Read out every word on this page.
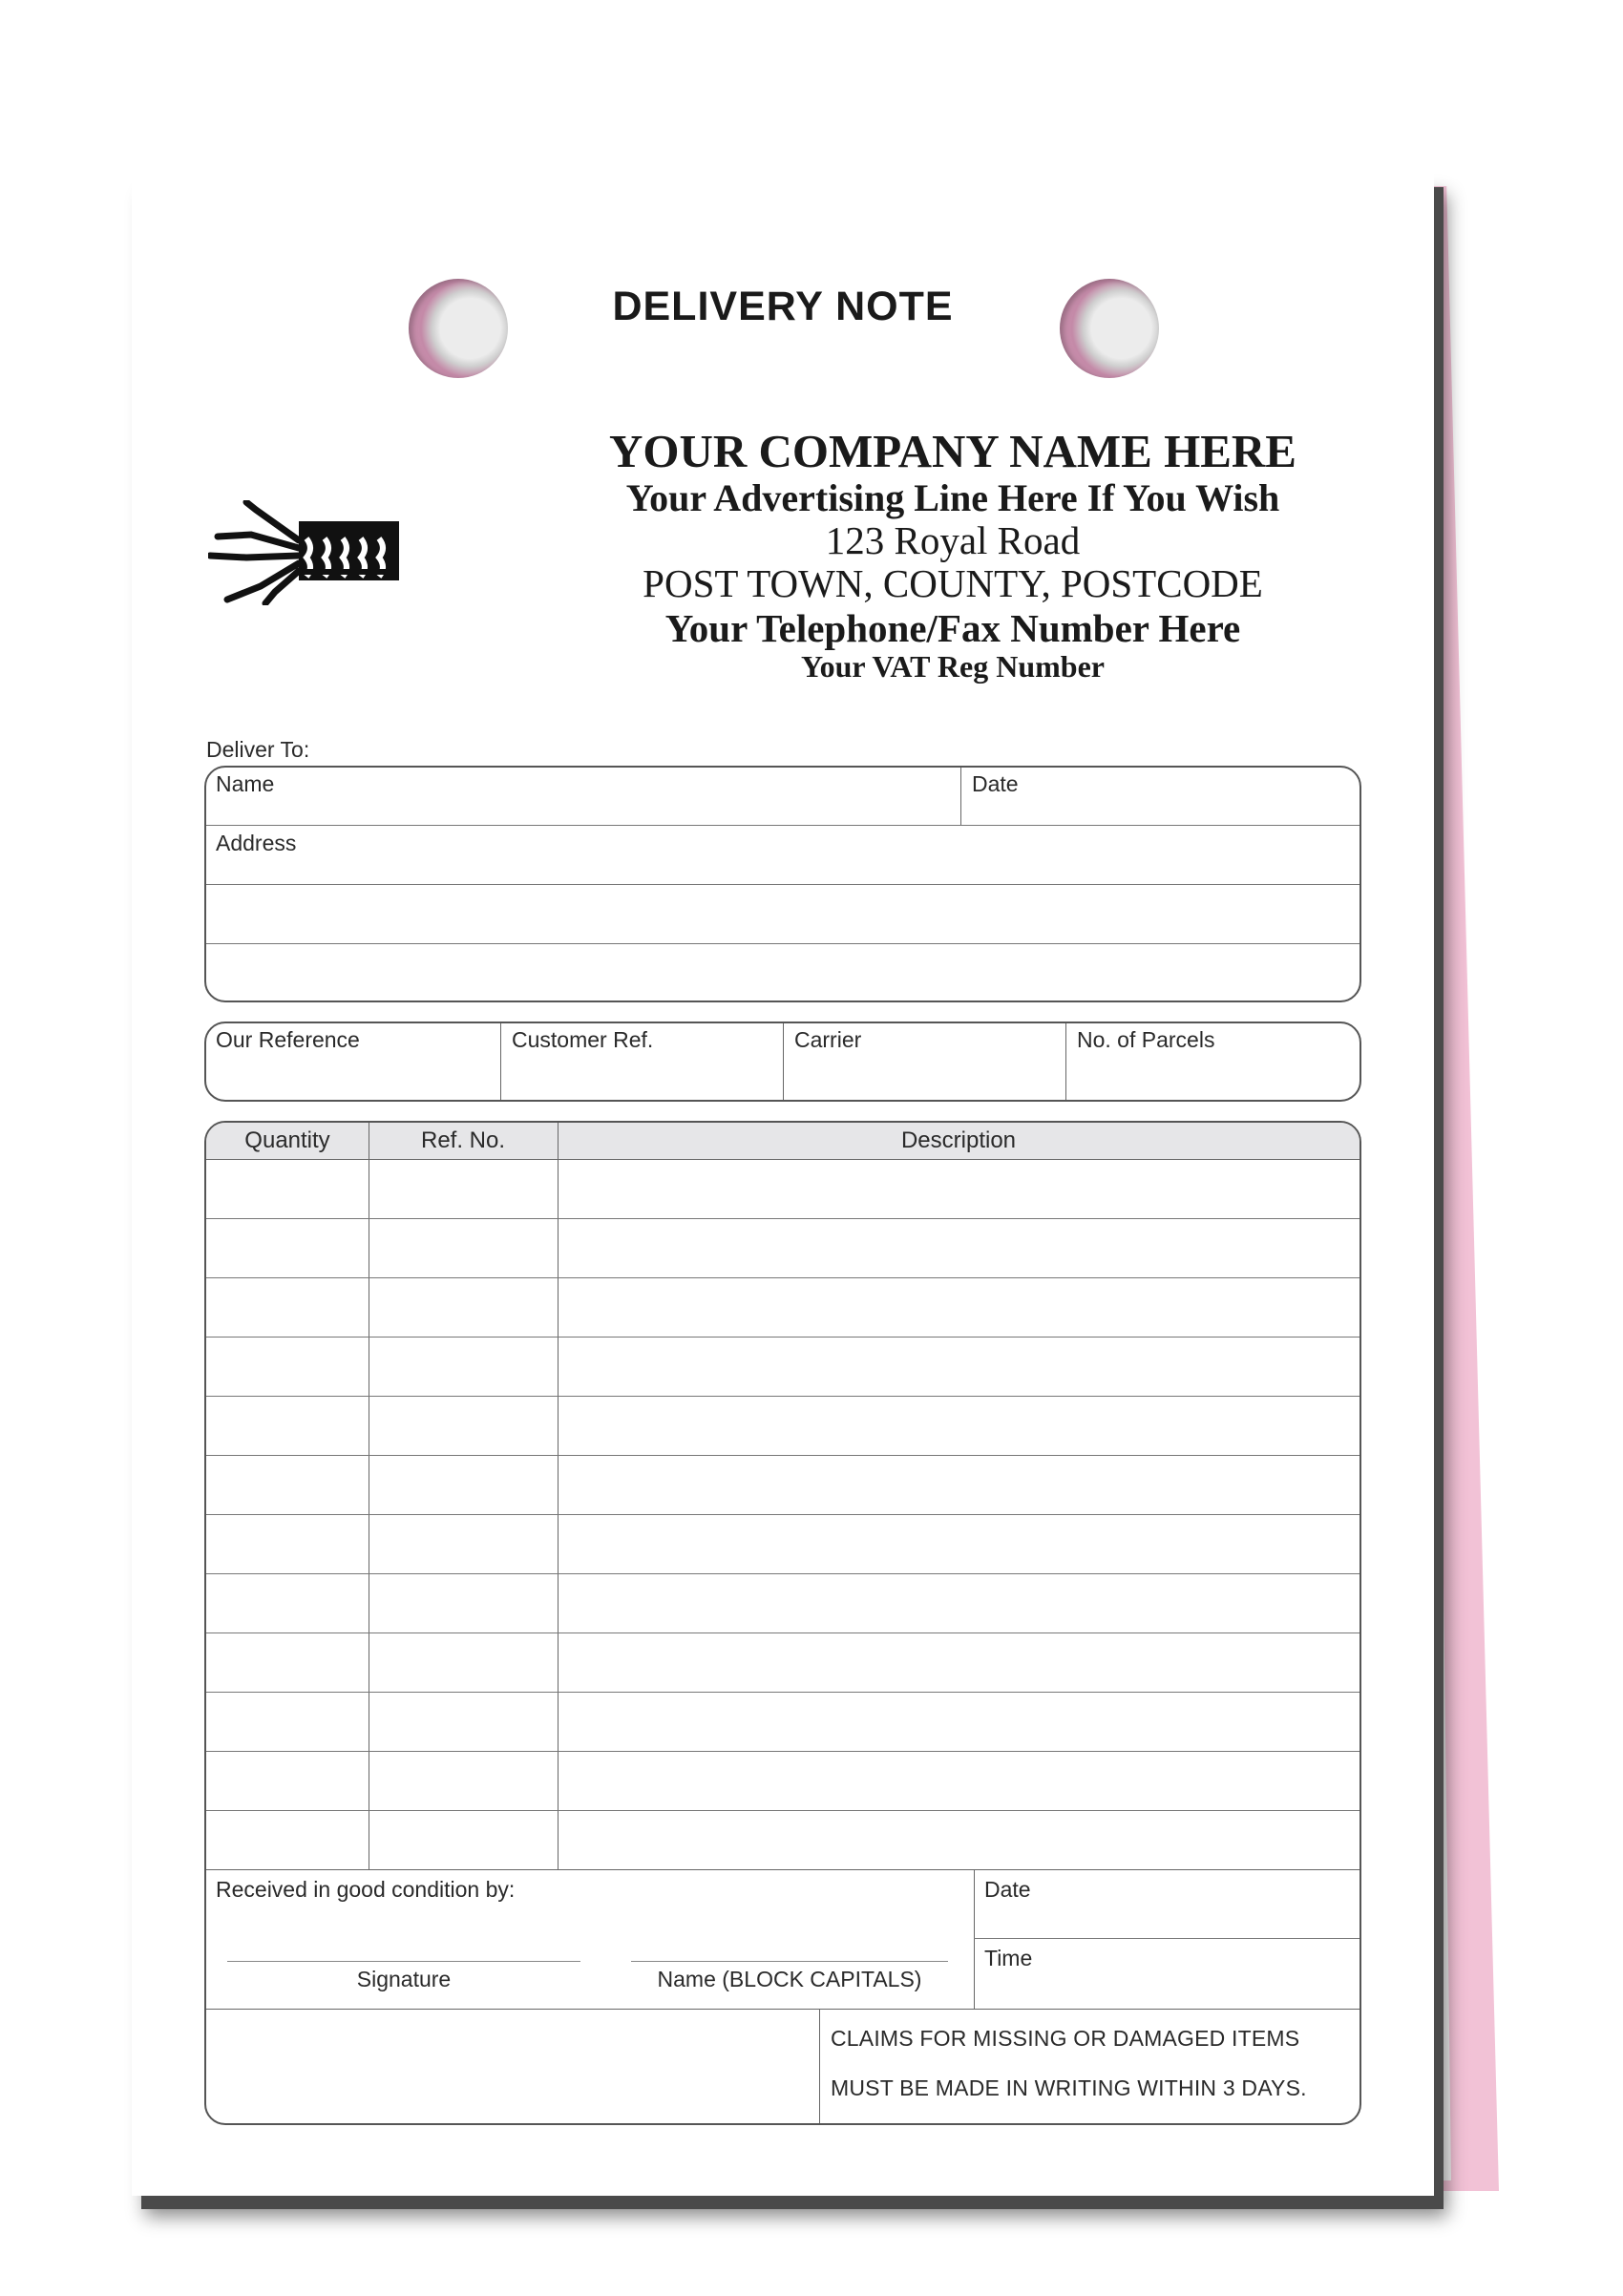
DELIVERY NOTE
YOUR COMPANY NAME HERE
Your Advertising Line Here If You Wish
123 Royal Road
POST TOWN, COUNTY, POSTCODE
Your Telephone/Fax Number Here
Your VAT Reg Number
Deliver To:
Name	Date
Address
Our Reference	Customer Ref.	Carrier	No. of Parcels
Quantity	Ref. No.	Description
Received in good condition by:
Signature	Name (BLOCK CAPITALS)
Date
Time
CLAIMS FOR MISSING OR DAMAGED ITEMS
MUST BE MADE IN WRITING WITHIN 3 DAYS.
